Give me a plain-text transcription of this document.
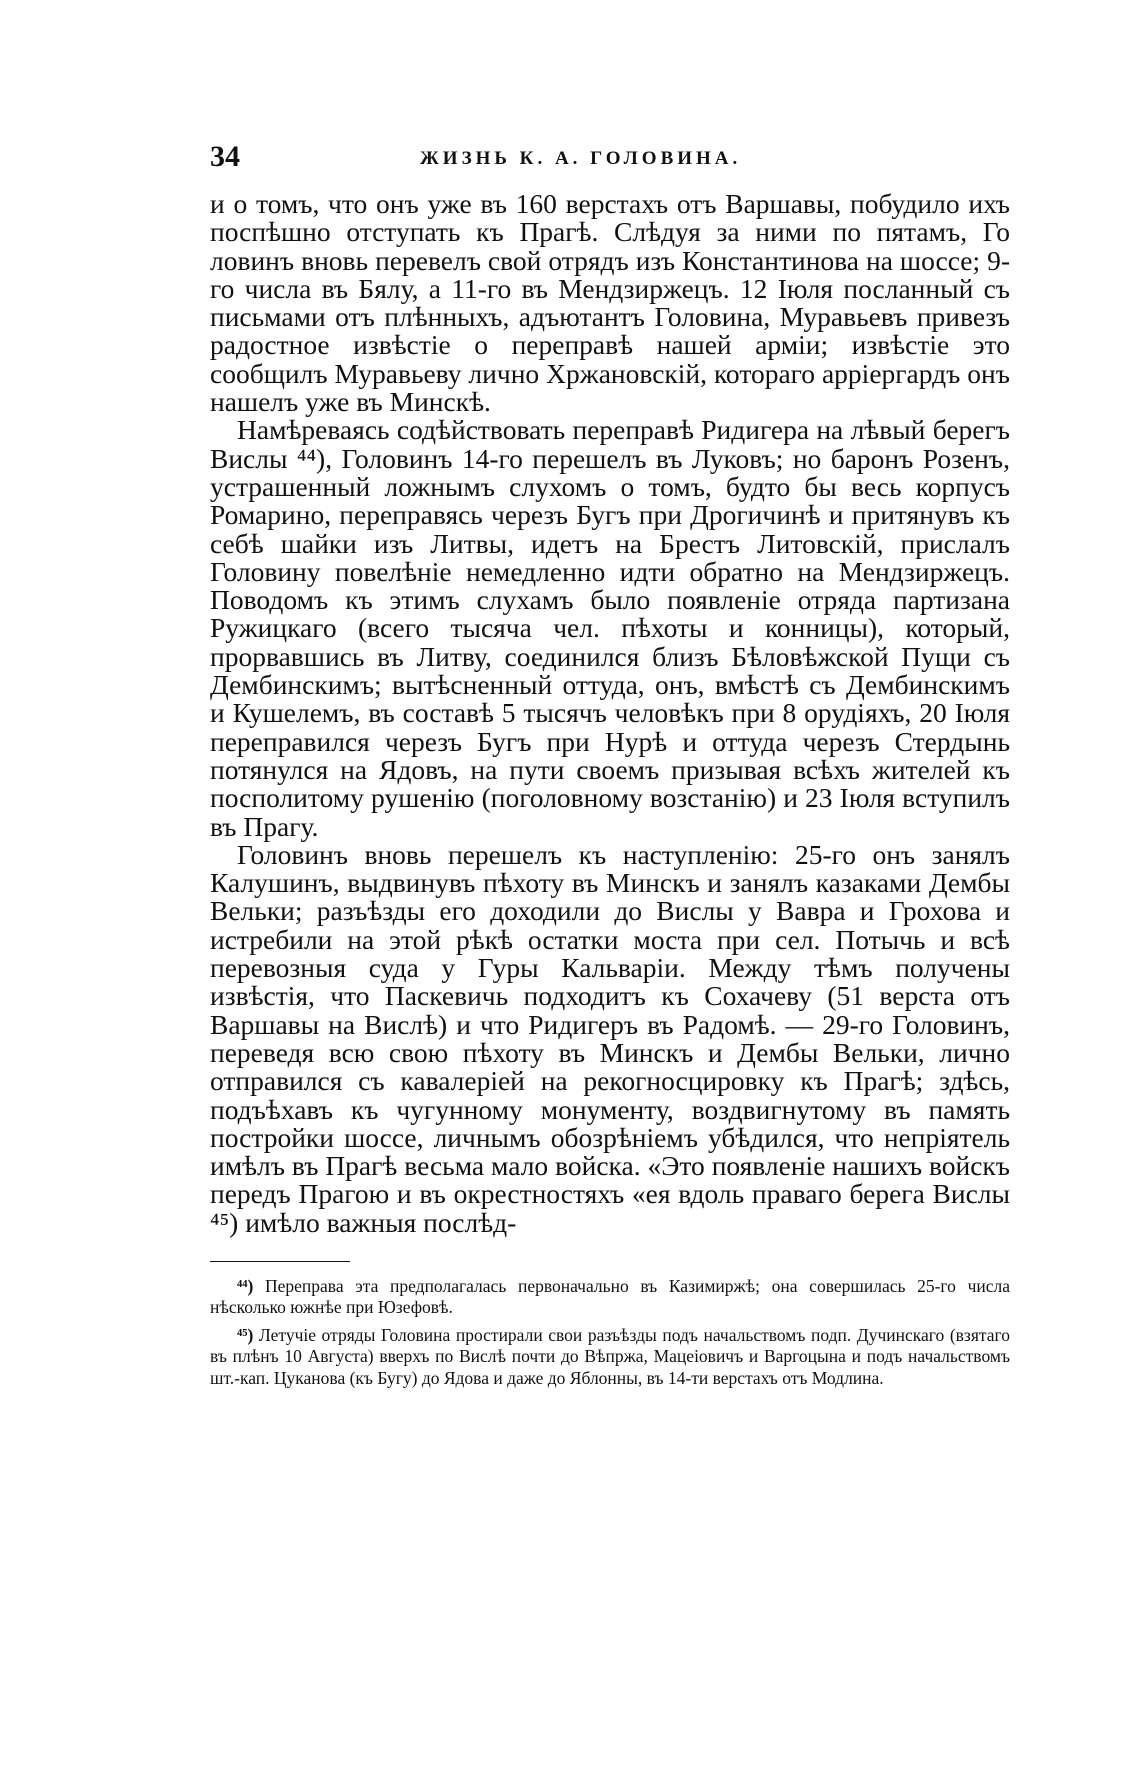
34	ЖИЗНЬ К. А. ГОЛОВИНА.

и о томъ, что онъ уже въ 160 верстахъ отъ Варшавы, побудило ихъ поспѣшно отступать къ Прагѣ. Слѣдуя за ними по пятамъ, Го ловинъ вновь перевелъ свой отрядъ изъ Константинова на шоссе; 9-го числа въ Бялу, а 11-го въ Мендзиржецъ. 12 Іюля посланный съ письмами отъ плѣнныхъ, адъютантъ Головина, Муравьевъ привезъ радостное извѣстіе о переправѣ нашей арміи; извѣстіе это сообщилъ Муравьеву лично Хржановскій, котораго арріергардъ онъ нашелъ уже въ Минскѣ.

Намѣреваясь содѣйствовать переправѣ Ридигера на лѣвый берегъ Вислы ⁴⁴), Головинъ 14-го перешелъ въ Луковъ; но баронъ Розенъ, устрашенный ложнымъ слухомъ о томъ, будто бы весь корпусъ Ромарино, переправясь черезъ Бугъ при Дрогичинѣ и притянувъ къ себѣ шайки изъ Литвы, идетъ на Брестъ Литовскій, прислалъ Головину повелѣніе немедленно идти обратно на Мендзиржецъ. Поводомъ къ этимъ слухамъ было появленіе отряда партизана Ружицкаго (всего тысяча чел. пѣхоты и конницы), который, прорвавшись въ Литву, соединился близъ Бѣловѣжской Пущи съ Дембинскимъ; вытѣсненный оттуда, онъ, вмѣстѣ съ Дембинскимъ и Кушелемъ, въ составѣ 5 тысячъ человѣкъ при 8 орудіяхъ, 20 Іюля переправился черезъ Бугъ при Нурѣ и оттуда черезъ Стердынь потянулся на Ядовъ, на пути своемъ призывая всѣхъ жителей къ посполитому рушенію (поголовному возстанію) и 23 Іюля вступилъ въ Прагу.

Головинъ вновь перешелъ къ наступленію: 25-го онъ занялъ Калушинъ, выдвинувъ пѣхоту въ Минскъ и занялъ казаками Дембы Вельки; разъѣзды его доходили до Вислы у Вавра и Грохова и истребили на этой рѣкѣ остатки моста при сел. Потычь и всѣ перевозныя суда у Гуры Кальваріи. Между тѣмъ получены извѣстія, что Паскевичь подходитъ къ Сохачеву (51 верста отъ Варшавы на Вислѣ) и что Ридигеръ въ Радомѣ. — 29-го Головинъ, переведя всю свою пѣхоту въ Минскъ и Дембы Вельки, лично отправился съ кавалеріей на рекогносцировку къ Прагѣ; здѣсь, подъѣхавъ къ чугунному монументу, воздвигнутому въ память постройки шоссе, личнымъ обозрѣніемъ убѣдился, что непріятель имѣлъ въ Прагѣ весьма мало войска. «Это появленіе нашихъ войскъ передъ Прагою и въ окрестностяхъ «ея вдоль праваго берега Вислы ⁴⁵) имѣло важныя послѣд-

⁴⁴) Переправа эта предполагалась первоначально въ Казимиржѣ; она совершилась 25-го числа нѣсколько южнѣе при Юзефовѣ.

⁴⁵) Летучіе отряды Головина простирали свои разъѣзды подъ начальствомъ подп. Дучинскаго (взятаго въ плѣнъ 10 Августа) вверхъ по Вислѣ почти до Вѣпржа, Мацеіовичъ и Варгоцына и подъ начальствомъ шт.-кап. Цуканова (къ Бугу) до Ядова и даже до Яблонны, въ 14-ти верстахъ отъ Модлина.
